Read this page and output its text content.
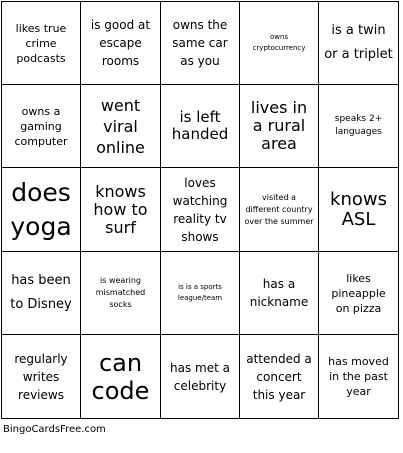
likes true crime podcasts
is good at escape rooms
owns the same car as you
owns cryptocurrency
is a twin or a triplet
owns a gaming computer
went viral online
is left handed
lives in a rural area
speaks 2+ languages
does yoga
knows how to surf
loves watching reality tv shows
visited a different country over the summer
knows ASL
has been to Disney
is wearing mismatched socks
is is a sports league/team
has a nickname
likes pineapple on pizza
regularly writes reviews
can code
has met a celebrity
attended a concert this year
has moved in the past year
BingoCardsFree.com
